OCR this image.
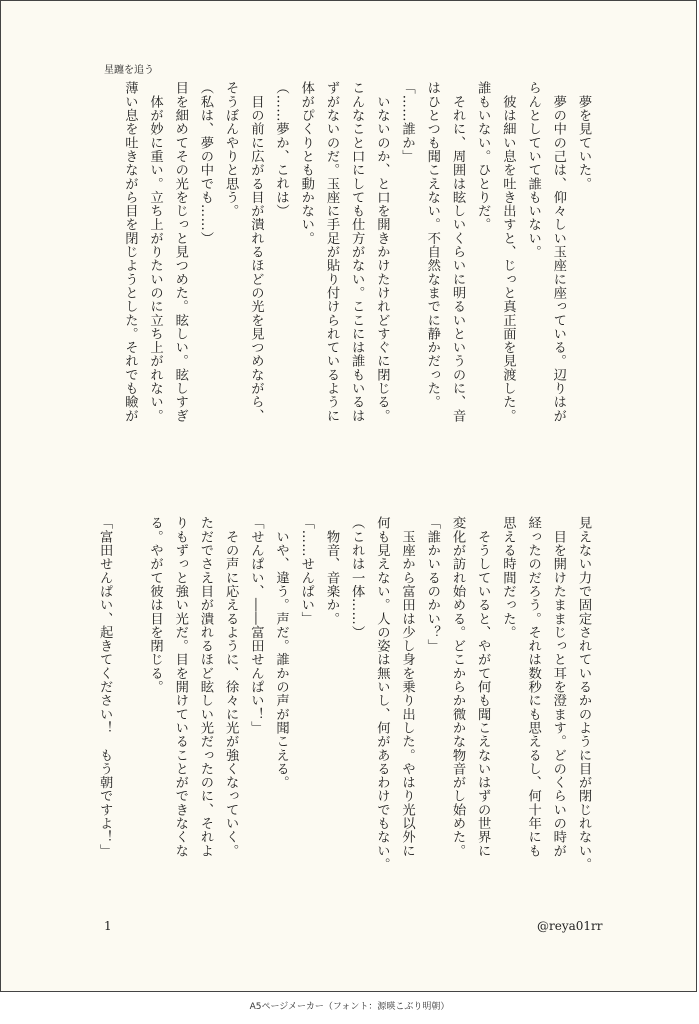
星躔を追う
　夢を見ていた。
　夢の中の己は、仰々しい玉座に座っている。辺りはが
らんとしていて誰もいない。
　彼は細い息を吐き出すと、じっと真正面を見渡した。
誰もいない。ひとりだ。
　それに、周囲は眩しいくらいに明るいというのに、音
はひとつも聞こえない。不自然なまでに静かだった。
「……誰か」
　いないのか、と口を開きかけたけれどすぐに閉じる。
こんなこと口にしても仕方がない。ここには誰もいるは
ずがないのだ。玉座に手足が貼り付けられているように
体がぴくりとも動かない。
（……夢か、これは）
　目の前に広がる目が潰れるほどの光を見つめながら、
そうぼんやりと思う。
（私は、夢の中でも……）
目を細めてその光をじっと見つめた。眩しい。眩しすぎ
　体が妙に重い。立ち上がりたいのに立ち上がれない。
薄い息を吐きながら目を閉じようとした。それでも瞼が
見えない力で固定されているかのように目が閉じれない。
　目を開けたままじっと耳を澄ます。どのくらいの時が
経ったのだろう。それは数秒にも思えるし、何十年にも
思える時間だった。
　そうしていると、やがて何も聞こえないはずの世界に
変化が訪れ始める。どこからか微かな物音がし始めた。
「誰かいるのかい？」
　玉座から富田は少し身を乗り出した。やはり光以外に
何も見えない。人の姿は無いし、何があるわけでもない。
（これは一体……）
　物音、音楽か。
「……せんぱい」
　いや、違う。声だ。誰かの声が聞こえる。
「せんぱい、――富田せんぱい！」
　その声に応えるように、徐々に光が強くなっていく。
ただでさえ目が潰れるほど眩しい光だったのに、それよ
りもずっと強い光だ。目を開けていることができなくな
る。やがて彼は目を閉じる。

「富田せんぱい、起きてください！　もう朝ですよ！」
1	@reya01rr
A5ページメーカー（フォント：源暎こぶり明朝）
